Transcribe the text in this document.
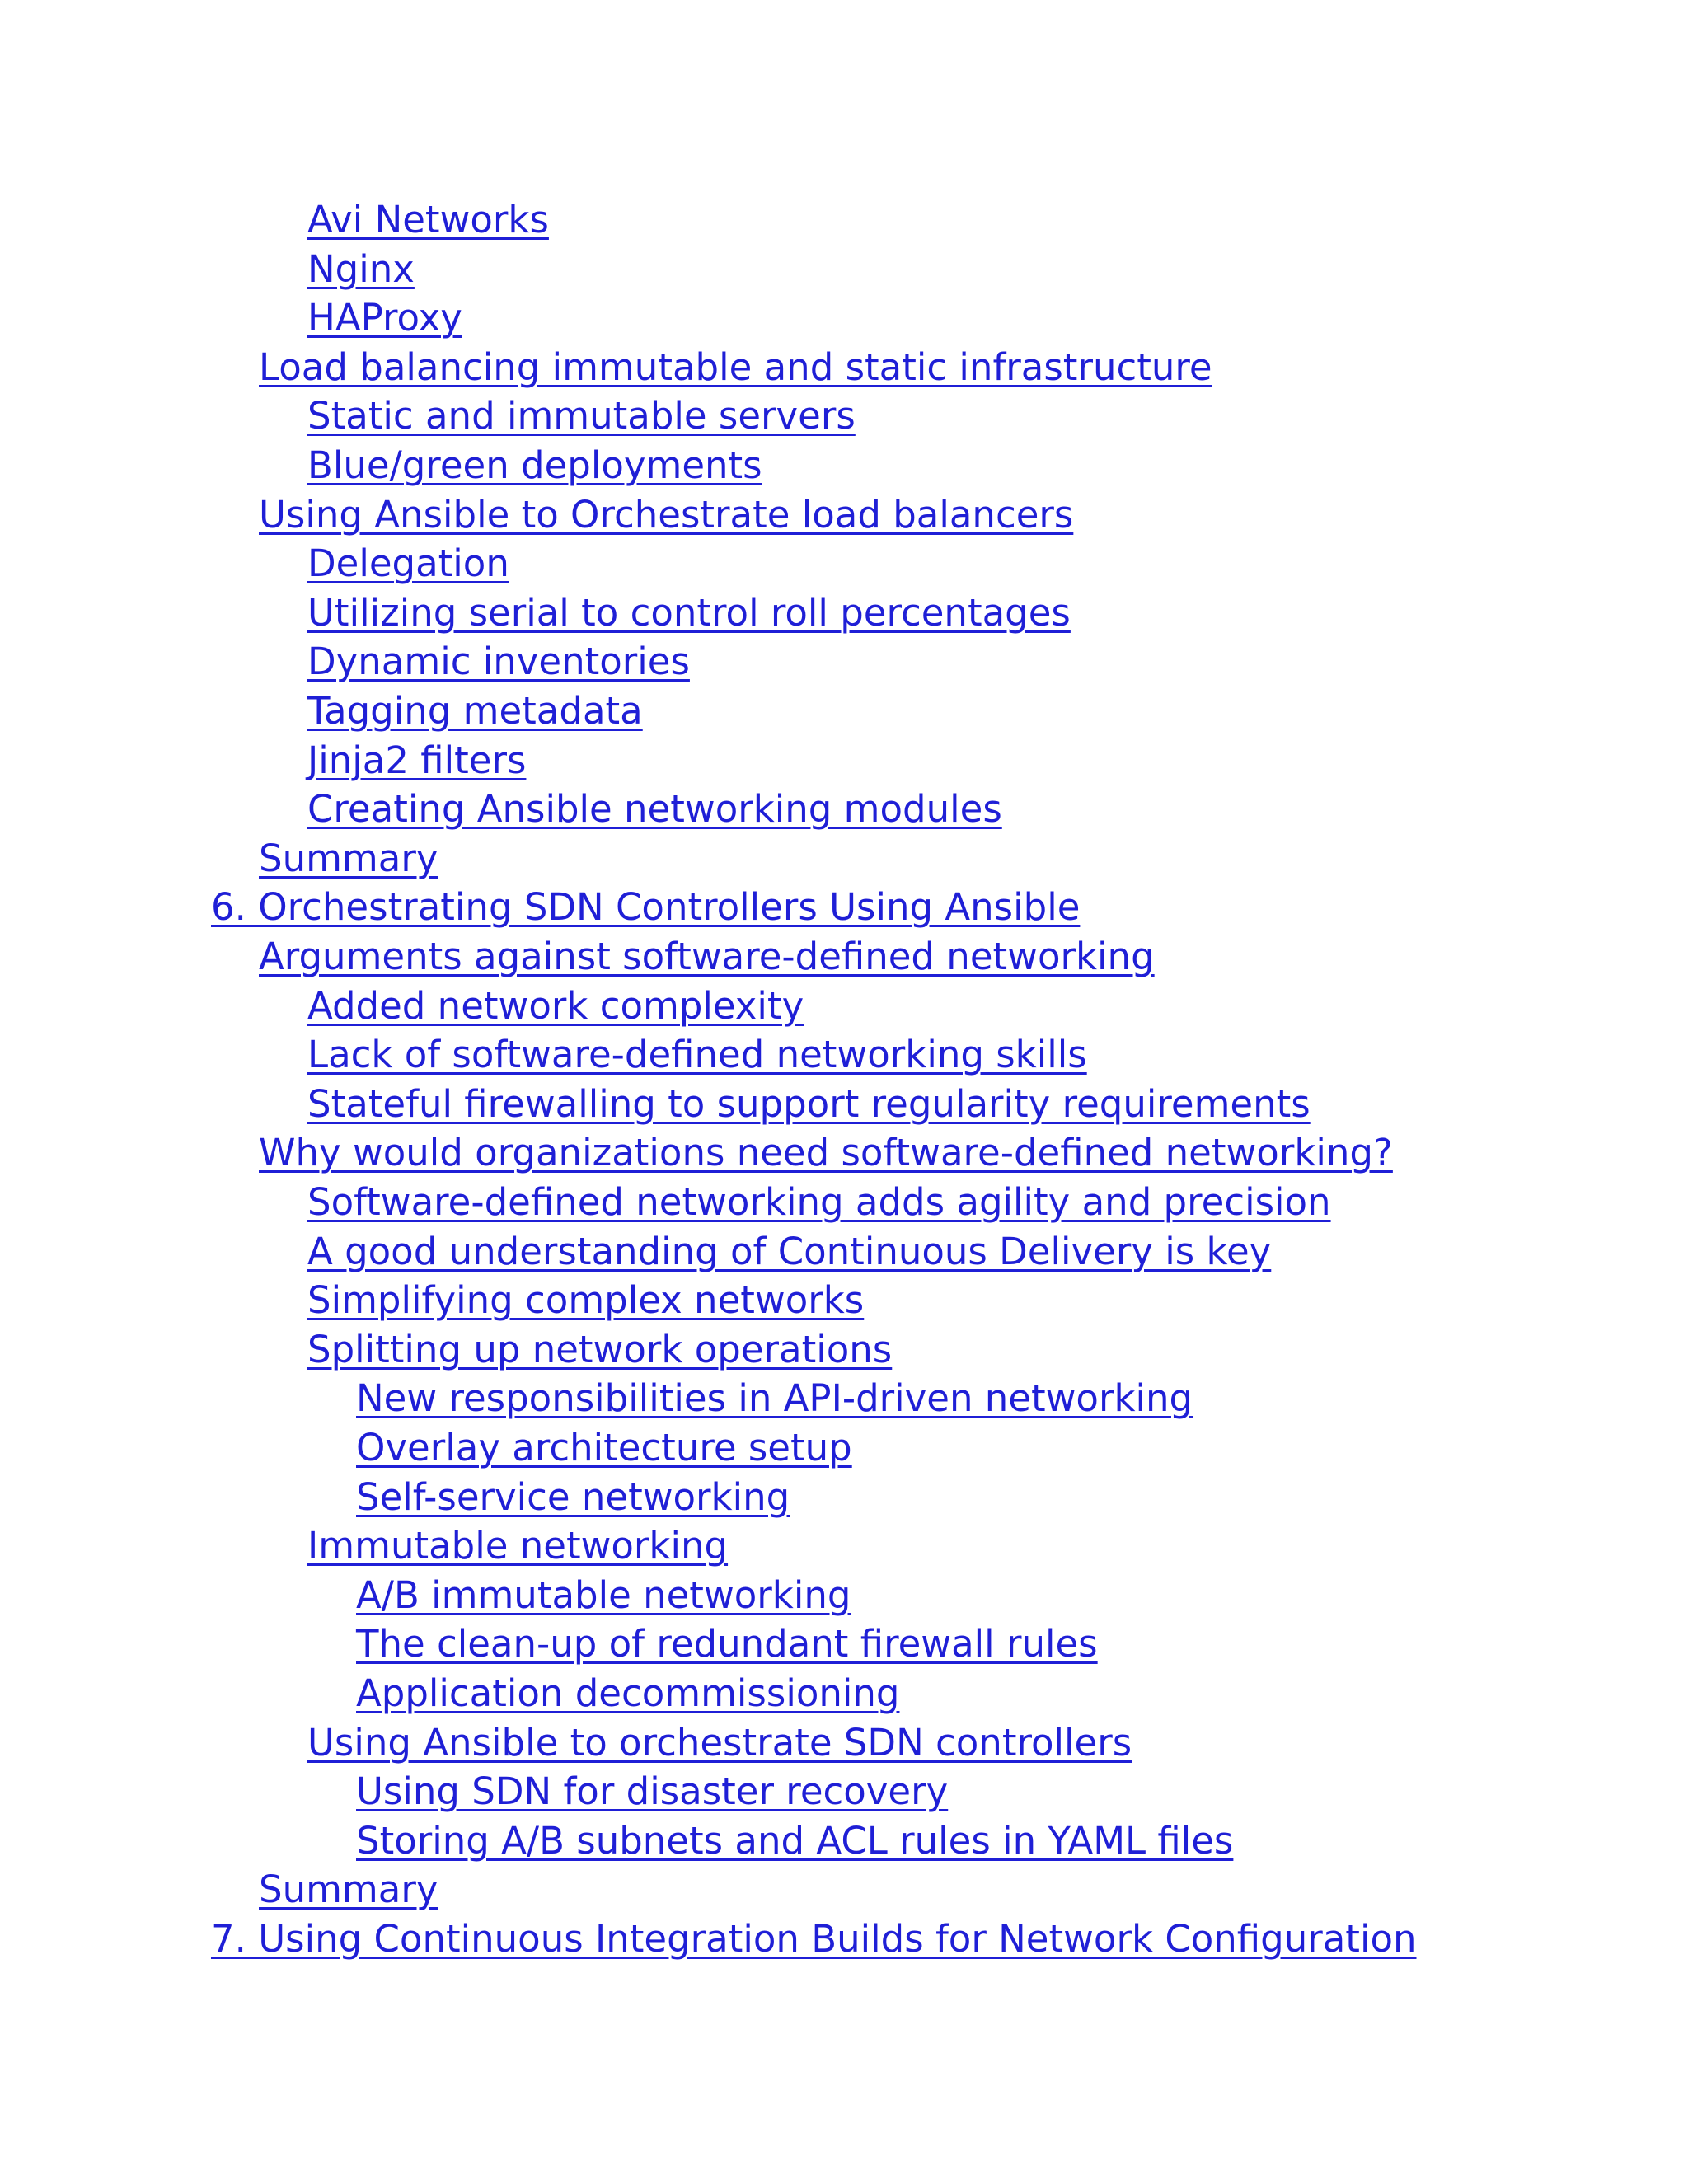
Avi Networks
Nginx
HAProxy
Load balancing immutable and static infrastructure
Static and immutable servers
Blue/green deployments
Using Ansible to Orchestrate load balancers
Delegation
Utilizing serial to control roll percentages
Dynamic inventories
Tagging metadata
Jinja2 filters
Creating Ansible networking modules
Summary
6. Orchestrating SDN Controllers Using Ansible
Arguments against software-defined networking
Added network complexity
Lack of software-defined networking skills
Stateful firewalling to support regularity requirements
Why would organizations need software-defined networking?
Software-defined networking adds agility and precision
A good understanding of Continuous Delivery is key
Simplifying complex networks
Splitting up network operations
New responsibilities in API-driven networking
Overlay architecture setup
Self-service networking
Immutable networking
A/B immutable networking
The clean-up of redundant firewall rules
Application decommissioning
Using Ansible to orchestrate SDN controllers
Using SDN for disaster recovery
Storing A/B subnets and ACL rules in YAML files
Summary
7. Using Continuous Integration Builds for Network Configuration
